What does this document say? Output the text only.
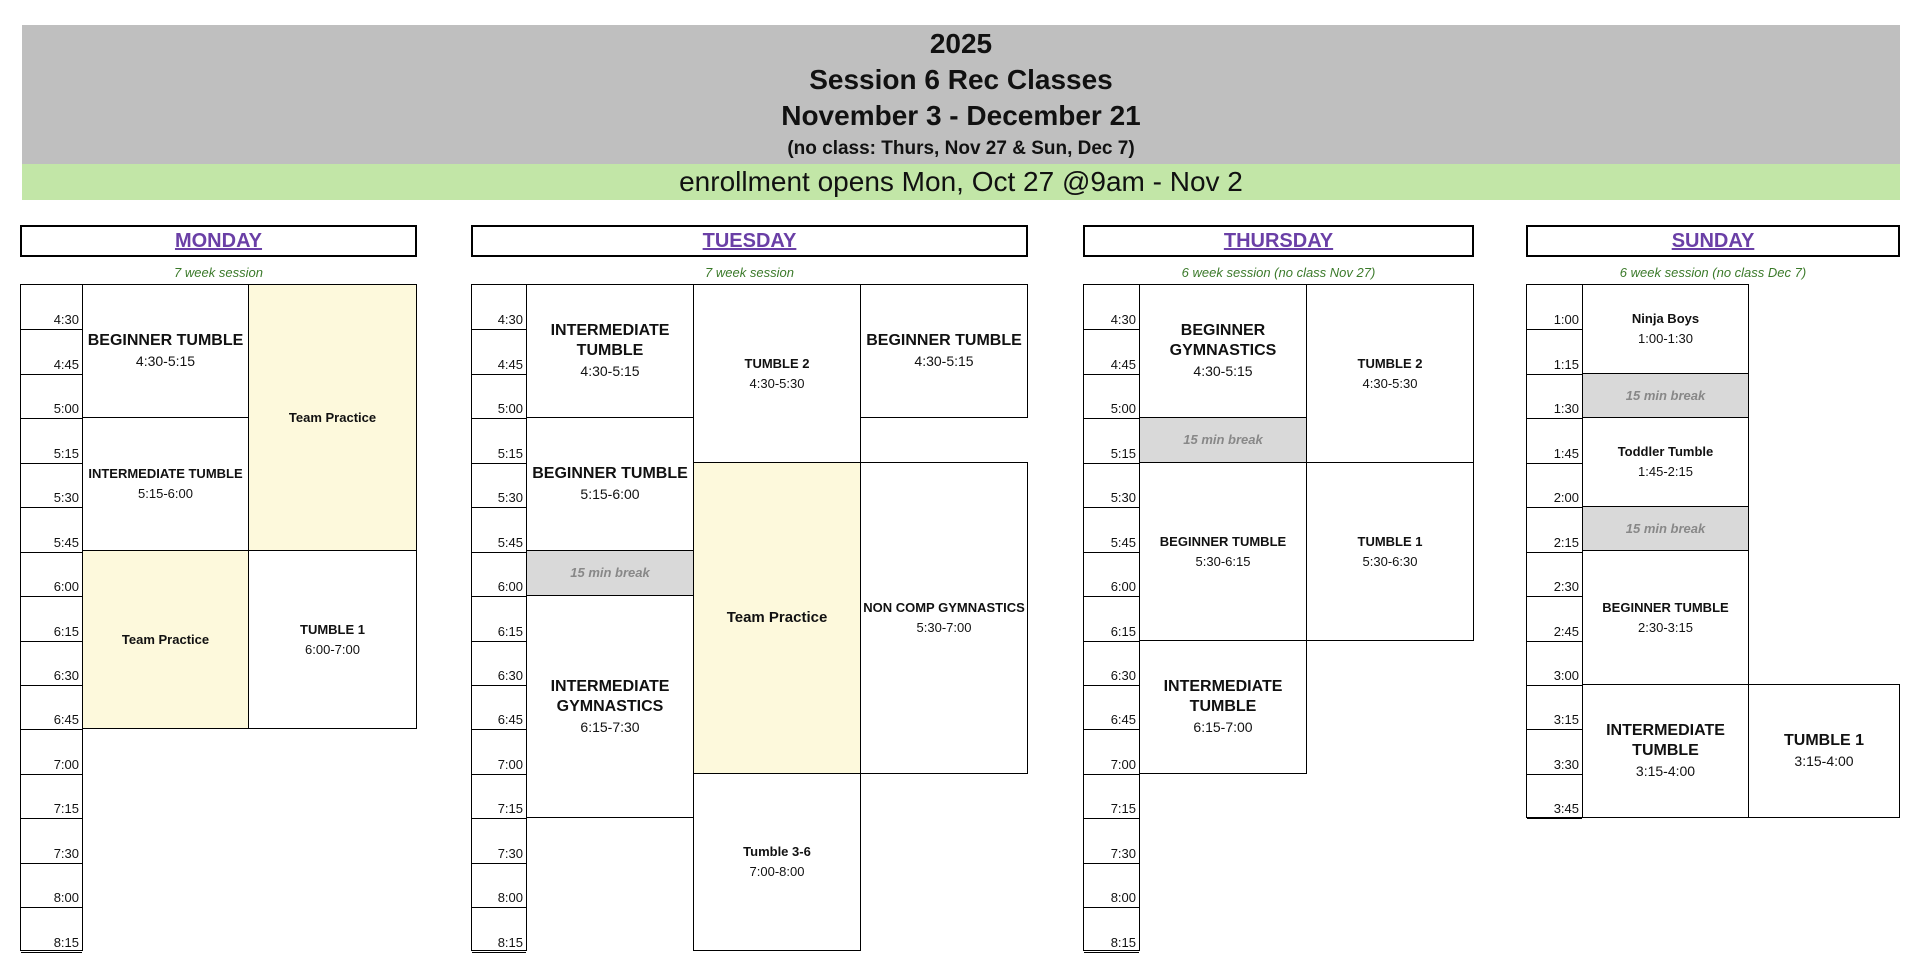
2025
Session 6 Rec Classes
November 3 - December 21
(no class: Thurs, Nov 27 & Sun, Dec 7)
enrollment opens Mon, Oct 27 @9am - Nov 2
MONDAY
7 week session
4:30
4:45
5:00
5:15
5:30
5:45
6:00
6:15
6:30
6:45
7:00
7:15
7:30
8:00
8:15
BEGINNER TUMBLE
4:30-5:15
INTERMEDIATE TUMBLE
5:15-6:00
Team Practice
Team Practice
TUMBLE 1
6:00-7:00
TUESDAY
7 week session
4:30
4:45
5:00
5:15
5:30
5:45
6:00
6:15
6:30
6:45
7:00
7:15
7:30
8:00
8:15
INTERMEDIATE TUMBLE
4:30-5:15
BEGINNER TUMBLE
5:15-6:00
15 min break
INTERMEDIATE GYMNASTICS
6:15-7:30
TUMBLE 2
4:30-5:30
Team Practice
Tumble 3-6
7:00-8:00
BEGINNER TUMBLE
4:30-5:15
NON COMP GYMNASTICS
5:30-7:00
THURSDAY
6 week session (no class Nov 27)
4:30
4:45
5:00
5:15
5:30
5:45
6:00
6:15
6:30
6:45
7:00
7:15
7:30
8:00
8:15
BEGINNER GYMNASTICS
4:30-5:15
15 min break
BEGINNER TUMBLE
5:30-6:15
INTERMEDIATE TUMBLE
6:15-7:00
TUMBLE 2
4:30-5:30
TUMBLE 1
5:30-6:30
SUNDAY
6 week session (no class Dec 7)
1:00
1:15
1:30
1:45
2:00
2:15
2:30
2:45
3:00
3:15
3:30
3:45
Ninja Boys
1:00-1:30
15 min break
Toddler Tumble
1:45-2:15
15 min break
BEGINNER TUMBLE
2:30-3:15
INTERMEDIATE TUMBLE
3:15-4:00
TUMBLE 1
3:15-4:00
